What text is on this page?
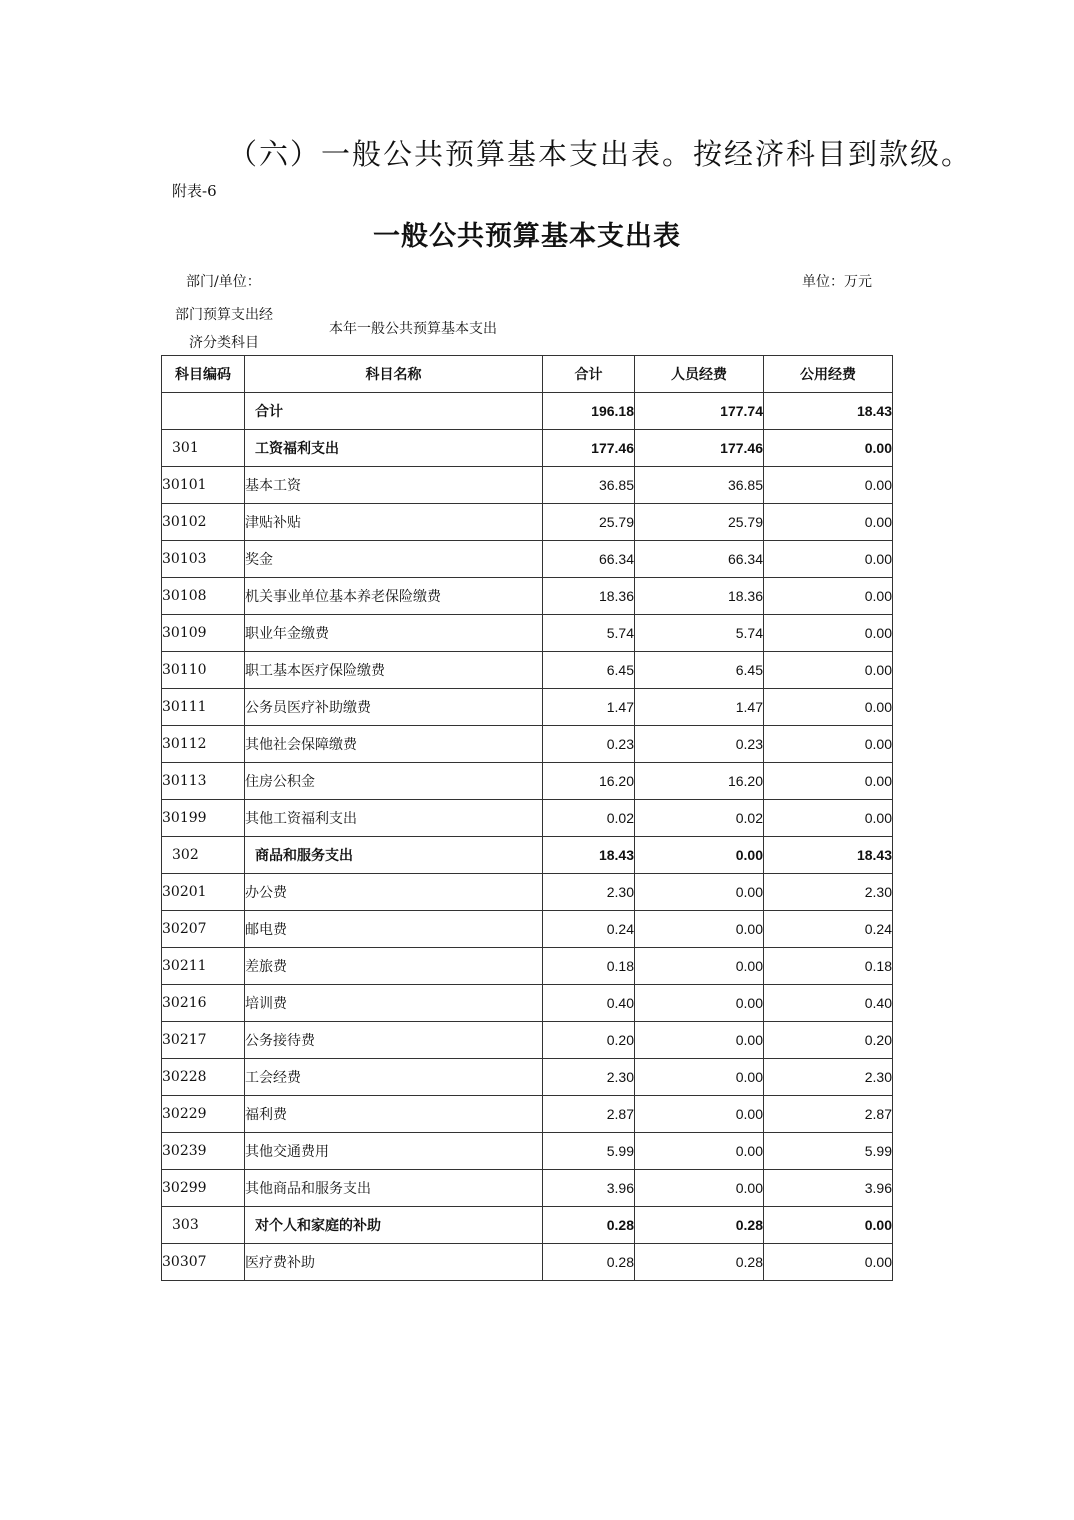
（六）一般公共预算基本支出表。按经济科目到款级。
附表-6
一般公共预算基本支出表
部门/单位：	单位：万元
部门预算支出经
济分类科目
本年一般公共预算基本支出
科目编码	科目名称	合计	人员经费	公用经费
	合计	196.18	177.74	18.43
301	工资福利支出	177.46	177.46	0.00
30101	基本工资	36.85	36.85	0.00
30102	津贴补贴	25.79	25.79	0.00
30103	奖金	66.34	66.34	0.00
30108	机关事业单位基本养老保险缴费	18.36	18.36	0.00
30109	职业年金缴费	5.74	5.74	0.00
30110	职工基本医疗保险缴费	6.45	6.45	0.00
30111	公务员医疗补助缴费	1.47	1.47	0.00
30112	其他社会保障缴费	0.23	0.23	0.00
30113	住房公积金	16.20	16.20	0.00
30199	其他工资福利支出	0.02	0.02	0.00
302	商品和服务支出	18.43	0.00	18.43
30201	办公费	2.30	0.00	2.30
30207	邮电费	0.24	0.00	0.24
30211	差旅费	0.18	0.00	0.18
30216	培训费	0.40	0.00	0.40
30217	公务接待费	0.20	0.00	0.20
30228	工会经费	2.30	0.00	2.30
30229	福利费	2.87	0.00	2.87
30239	其他交通费用	5.99	0.00	5.99
30299	其他商品和服务支出	3.96	0.00	3.96
303	对个人和家庭的补助	0.28	0.28	0.00
30307	医疗费补助	0.28	0.28	0.00
